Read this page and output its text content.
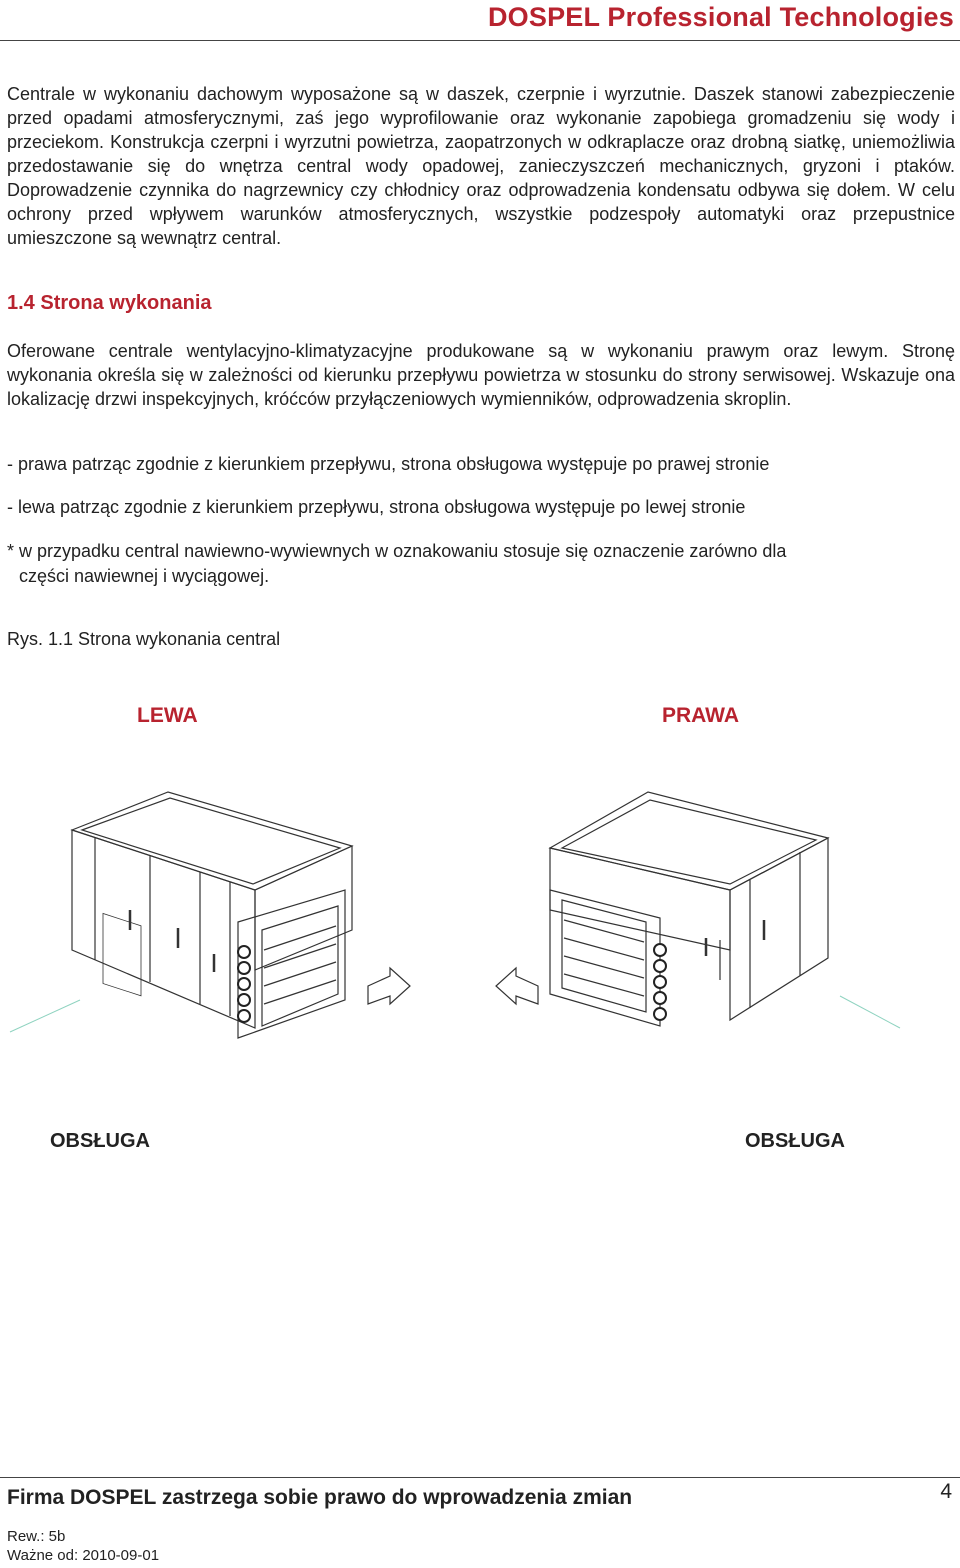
DOSPEL Professional Technologies
Centrale w wykonaniu dachowym wyposażone są w daszek, czerpnie i wyrzutnie. Daszek stanowi zabezpieczenie przed opadami atmosferycznymi, zaś jego wyprofilowanie oraz wykonanie zapobiega gromadzeniu się wody i przeciekom. Konstrukcja czerpni i wyrzutni powietrza, zaopatrzonych w odkraplacze oraz drobną siatkę, uniemożliwia przedostawanie się do wnętrza central wody opadowej, zanieczyszczeń mechanicznych, gryzoni i ptaków. Doprowadzenie czynnika do nagrzewnicy czy chłodnicy oraz odprowadzenia kondensatu odbywa się dołem. W celu ochrony przed wpływem warunków atmosferycznych, wszystkie podzespoły automatyki oraz przepustnice umieszczone są wewnątrz central.
1.4 Strona wykonania
Oferowane centrale wentylacyjno-klimatyzacyjne produkowane są w wykonaniu prawym oraz lewym. Stronę wykonania określa się w zależności od kierunku przepływu powietrza w stosunku do strony serwisowej. Wskazuje ona lokalizację drzwi inspekcyjnych, króćców przyłączeniowych wymienników, odprowadzenia skroplin.
- prawa patrząc zgodnie z kierunkiem przepływu, strona obsługowa występuje po prawej stronie
- lewa patrząc zgodnie z kierunkiem przepływu, strona obsługowa występuje po lewej stronie
* w przypadku central nawiewno-wywiewnych w oznakowaniu stosuje się oznaczenie zarówno dla
części nawiewnej i wyciągowej.
Rys. 1.1 Strona wykonania central
LEWA	PRAWA
OBSŁUGA	OBSŁUGA
Firma DOSPEL zastrzega sobie prawo do wprowadzenia zmian	4
Rew.: 5b
Ważne od: 2010-09-01
